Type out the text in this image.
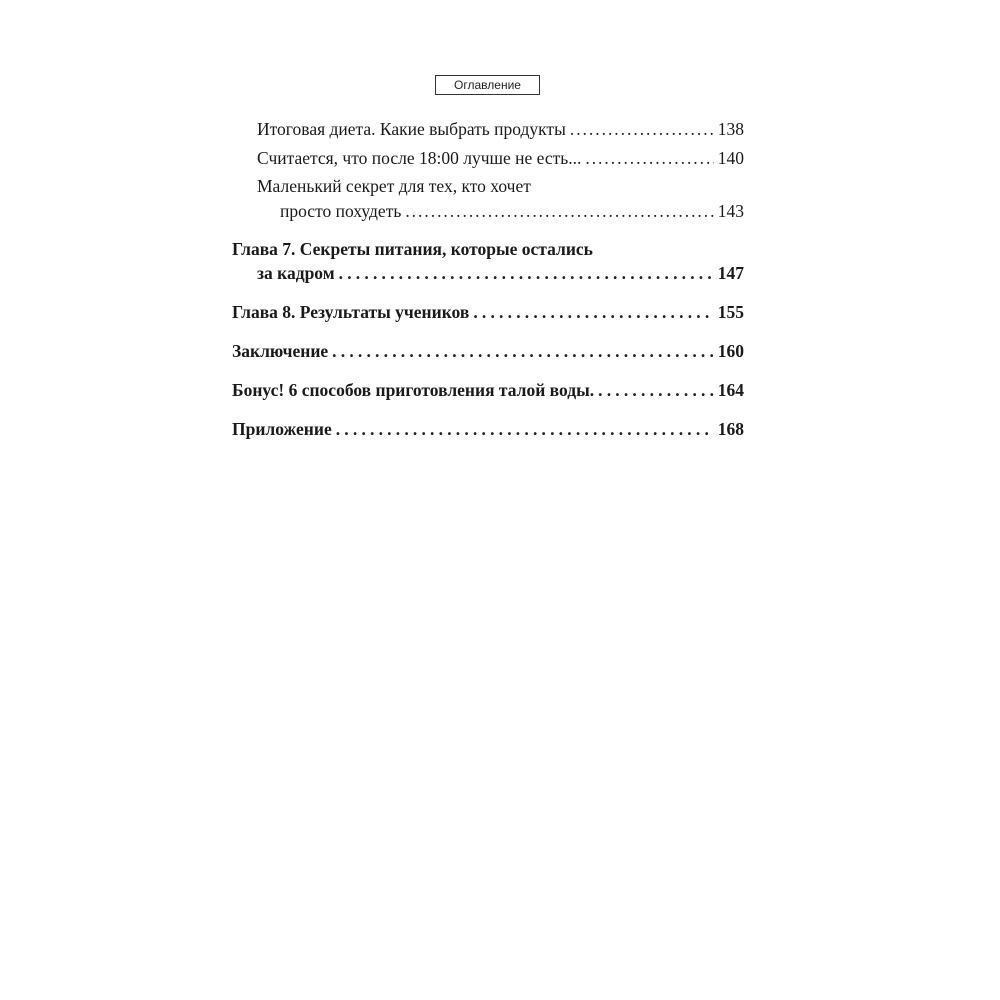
Оглавление
Итоговая диета. Какие выбрать продукты . . .	138
Считается, что после 18:00 лучше не есть... . . .	140
Маленький секрет для тех, кто хочет
просто похудеть . . .	143
Глава 7. Секреты питания, которые остались
за кадром .....	147
Глава 8. Результаты учеников .....	155
Заключение .....	160
Бонус! 6 способов приготовления талой воды. .....	164
Приложение .....	168
